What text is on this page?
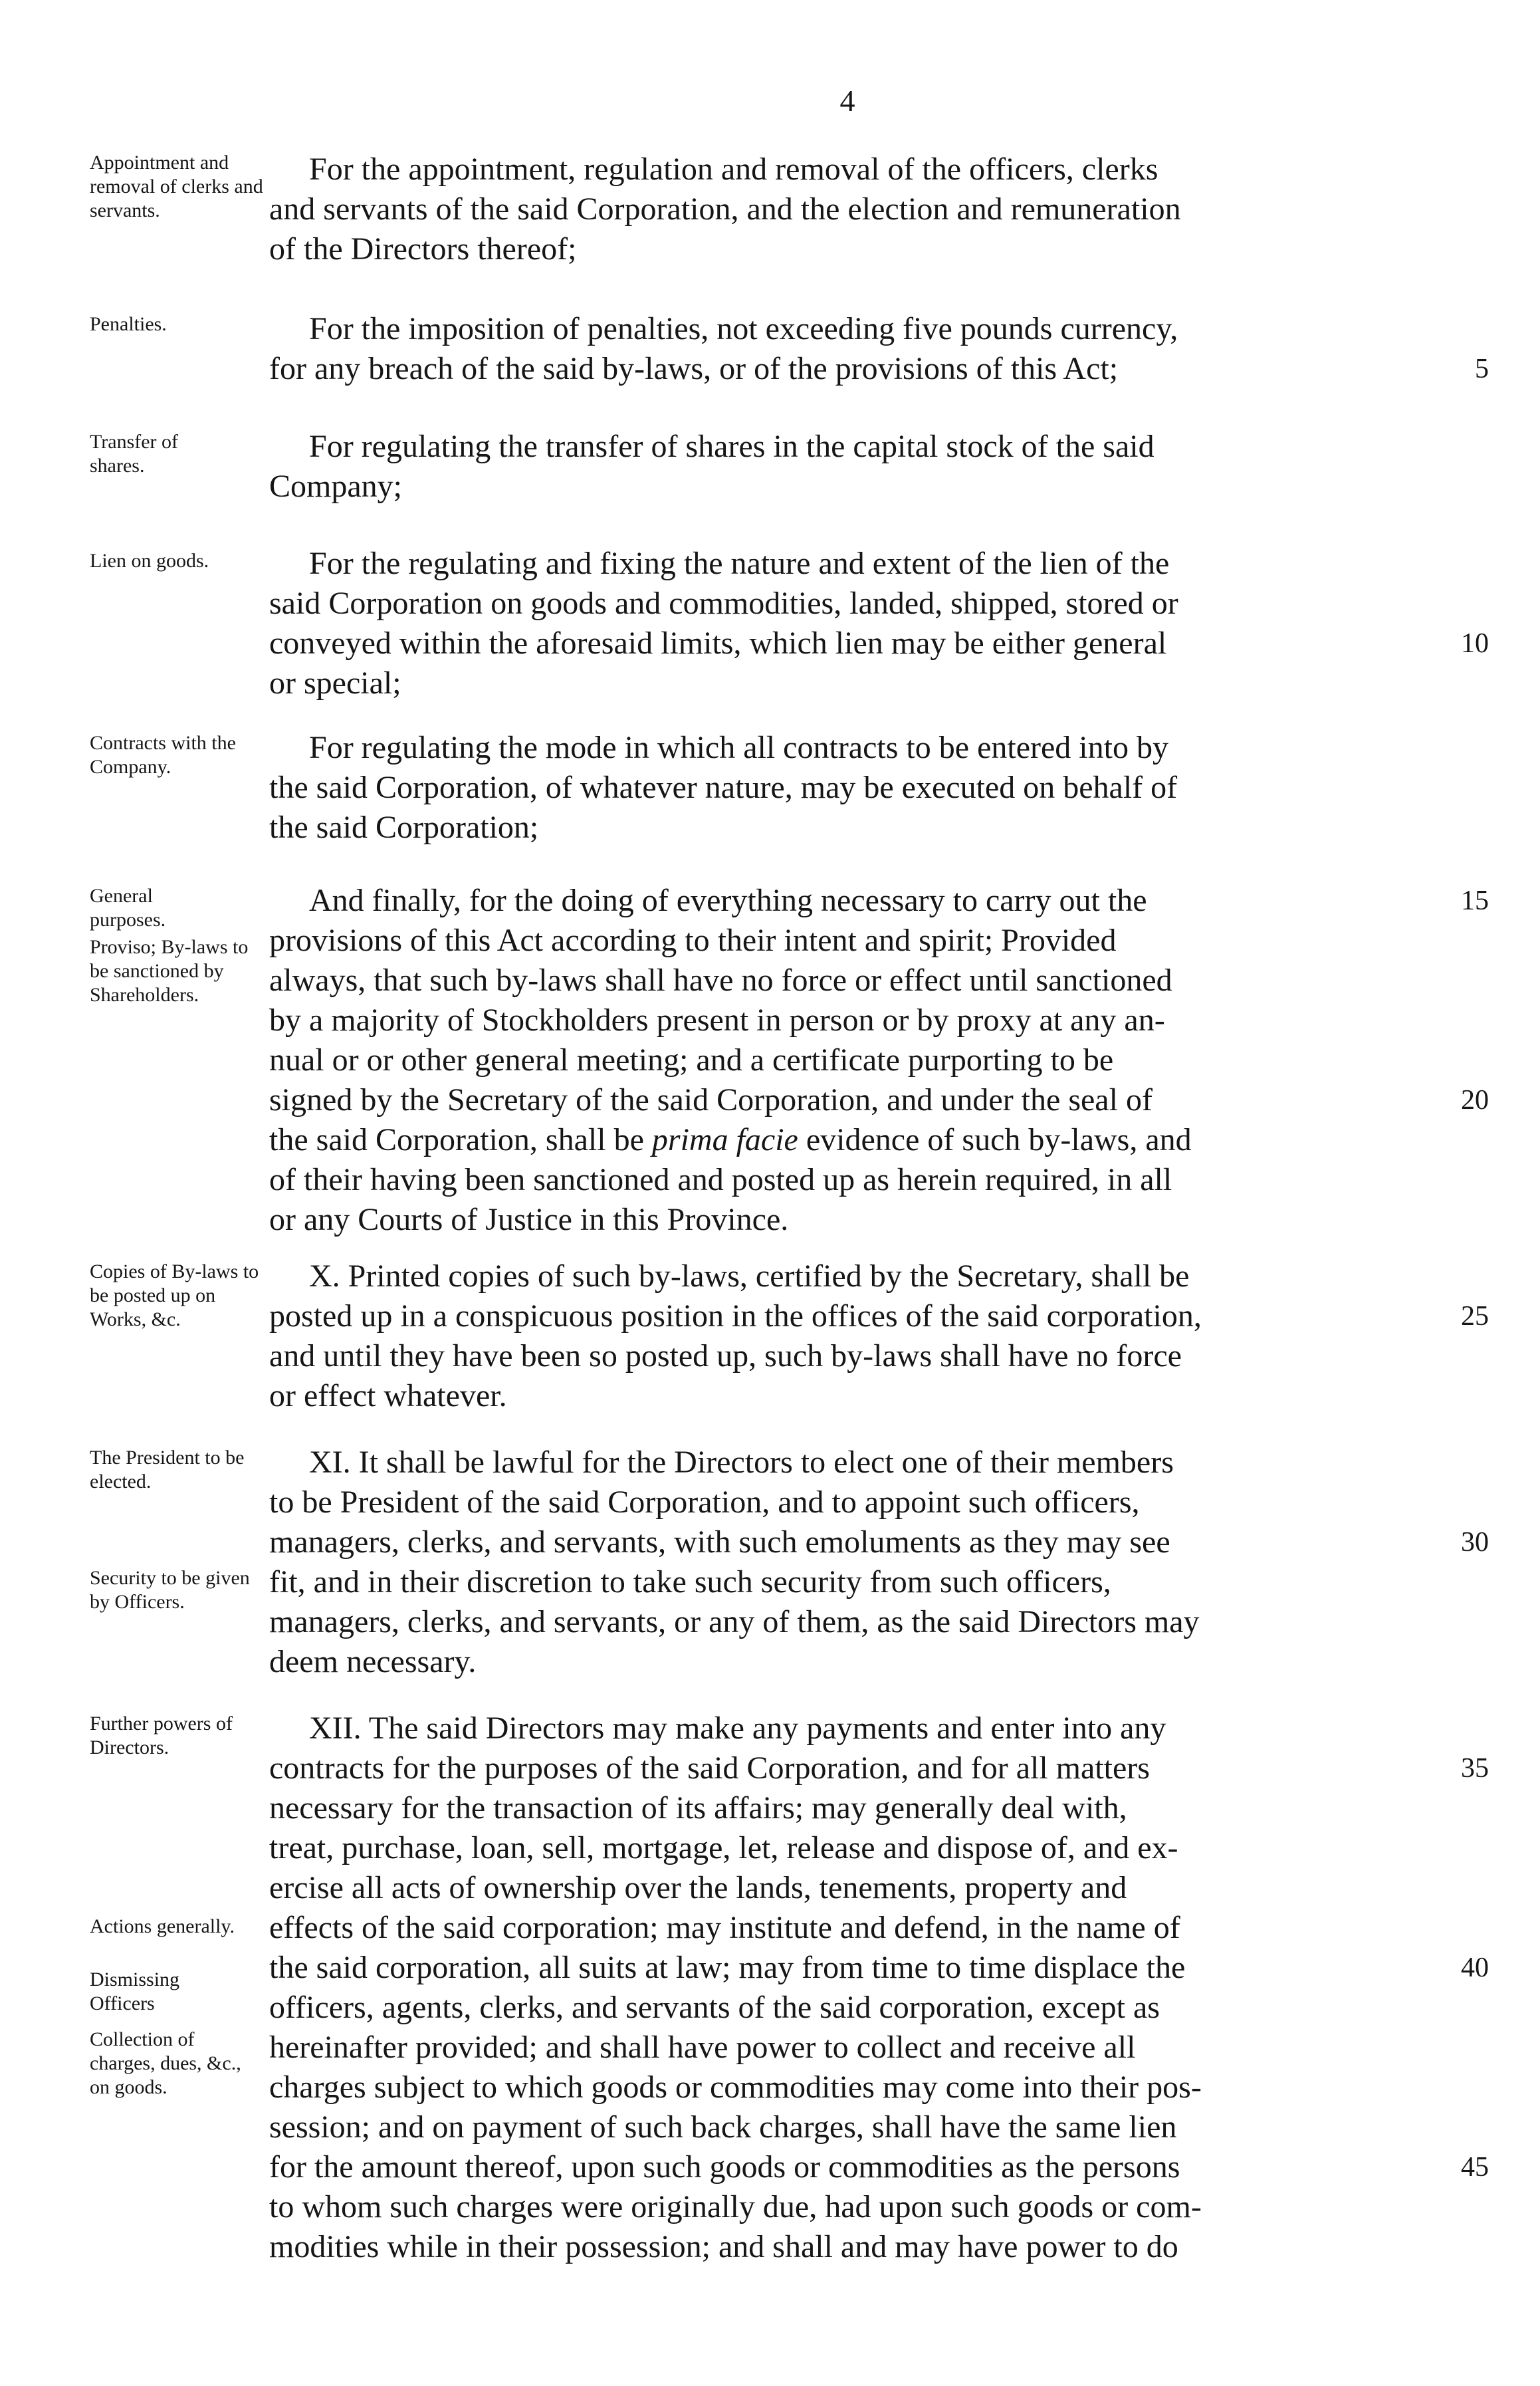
4
Appointment and removal of clerks and servants.
For the appointment, regulation and removal of the officers, clerks
and servants of the said Corporation, and the election and remuneration
of the Directors thereof;
Penalties.	For the imposition of penalties, not exceeding five pounds currency,
for any breach of the said by-laws, or of the provisions of this Act;	5
Transfer of shares.
For regulating the transfer of shares in the capital stock of the said
Company;
Lien on goods.	For the regulating and fixing the nature and extent of the lien of the
said Corporation on goods and commodities, landed, shipped, stored or
conveyed within the aforesaid limits, which lien may be either general
or special;
10
Contracts with the Company.
For regulating the mode in which all contracts to be entered into by
the said Corporation, of whatever nature, may be executed on behalf of
the said Corporation;
General purposes.
Proviso; By-laws to be sanctioned by Shareholders.
And finally, for the doing of everything necessary to carry out the
provisions of this Act according to their intent and spirit; Provided
always, that such by-laws shall have no force or effect until sanctioned
by a majority of Stockholders present in person or by proxy at any an-
nual or or other general meeting; and a certificate purporting to be
signed by the Secretary of the said Corporation, and under the seal of
the said Corporation, shall be prima facie evidence of such by-laws, and
of their having been sanctioned and posted up as herein required, in all
or any Courts of Justice in this Province.
15
20
Copies of By-laws to be posted up on Works, &c.
X. Printed copies of such by-laws, certified by the Secretary, shall be
posted up in a conspicuous position in the offices of the said corporation,
and until they have been so posted up, such by-laws shall have no force
or effect whatever.
25
The President to be elected.
Security to be given by Officers.
XI. It shall be lawful for the Directors to elect one of their members
to be President of the said Corporation, and to appoint such officers,
managers, clerks, and servants, with such emoluments as they may see
fit, and in their discretion to take such security from such officers,
managers, clerks, and servants, or any of them, as the said Directors may
deem necessary.
30
Further powers of Directors.
Actions generally.
Dismissing Officers
Collection of charges, dues, &c., on goods.
XII. The said Directors may make any payments and enter into any
contracts for the purposes of the said Corporation, and for all matters
necessary for the transaction of its affairs; may generally deal with,
treat, purchase, loan, sell, mortgage, let, release and dispose of, and ex-
ercise all acts of ownership over the lands, tenements, property and
effects of the said corporation; may institute and defend, in the name of
the said corporation, all suits at law; may from time to time displace the
officers, agents, clerks, and servants of the said corporation, except as
hereinafter provided; and shall have power to collect and receive all
charges subject to which goods or commodities may come into their pos-
session; and on payment of such back charges, shall have the same lien
for the amount thereof, upon such goods or commodities as the persons
to whom such charges were originally due, had upon such goods or com-
modities while in their possession; and shall and may have power to do
35
40
45
